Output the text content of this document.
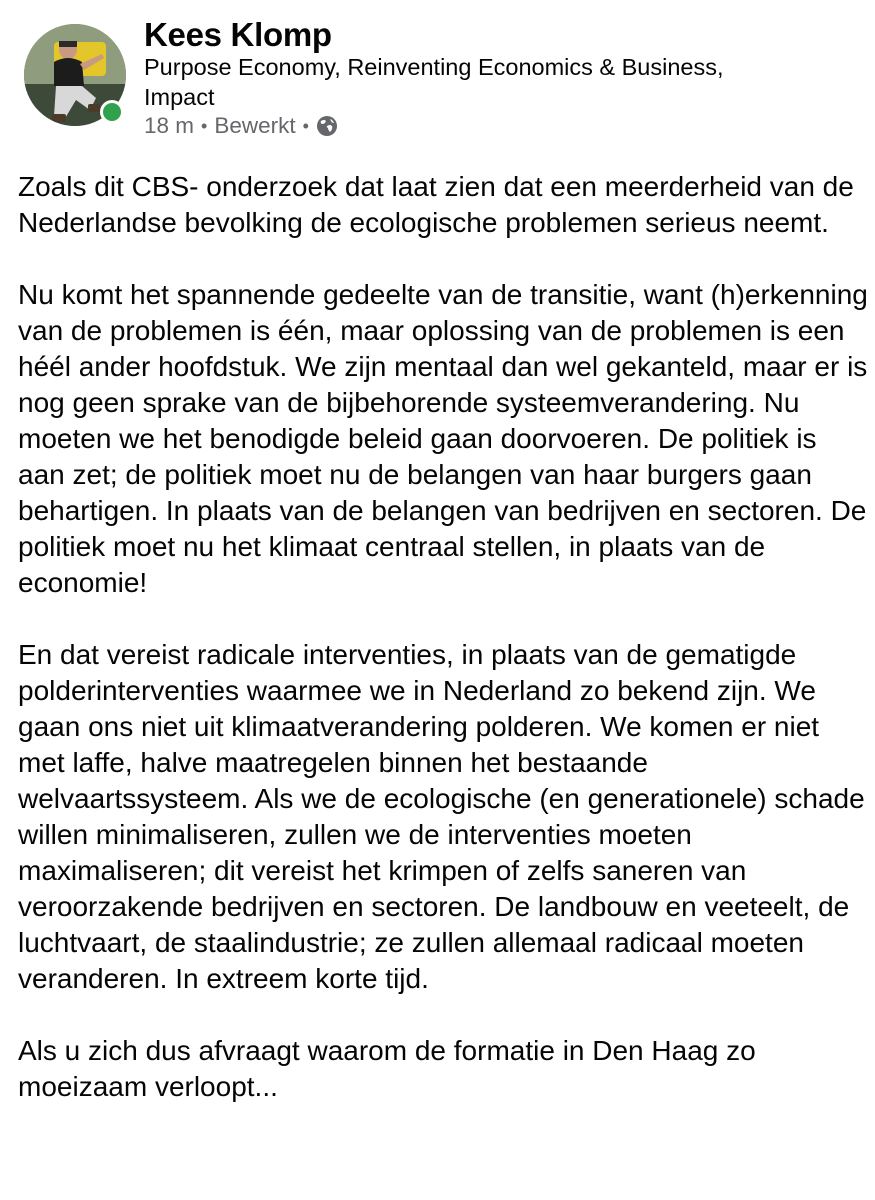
Kees Klomp
Purpose Economy, Reinventing Economics & Business, Impact
18 m • Bewerkt •

Zoals dit CBS- onderzoek dat laat zien dat een meerderheid van de Nederlandse bevolking de ecologische problemen serieus neemt.

Nu komt het spannende gedeelte van de transitie, want (h)erkenning van de problemen is één, maar oplossing van de problemen is een héél ander hoofdstuk. We zijn mentaal dan wel gekanteld, maar er is nog geen sprake van de bijbehorende systeemverandering. Nu moeten we het benodigde beleid gaan doorvoeren. De politiek is aan zet; de politiek moet nu de belangen van haar burgers gaan behartigen. In plaats van de belangen van bedrijven en sectoren. De politiek moet nu het klimaat centraal stellen, in plaats van de economie!

En dat vereist radicale interventies, in plaats van de gematigde polderinterventies waarmee we in Nederland zo bekend zijn. We gaan ons niet uit klimaatverandering polderen. We komen er niet met laffe, halve maatregelen binnen het bestaande welvaartssysteem. Als we de ecologische (en generationele) schade willen minimaliseren, zullen we de interventies moeten maximaliseren; dit vereist het krimpen of zelfs saneren van veroorzakende bedrijven en sectoren. De landbouw en veeteelt, de luchtvaart, de staalindustrie; ze zullen allemaal radicaal moeten veranderen. In extreem korte tijd.

Als u zich dus afvraagt waarom de formatie in Den Haag zo moeizaam verloopt...
